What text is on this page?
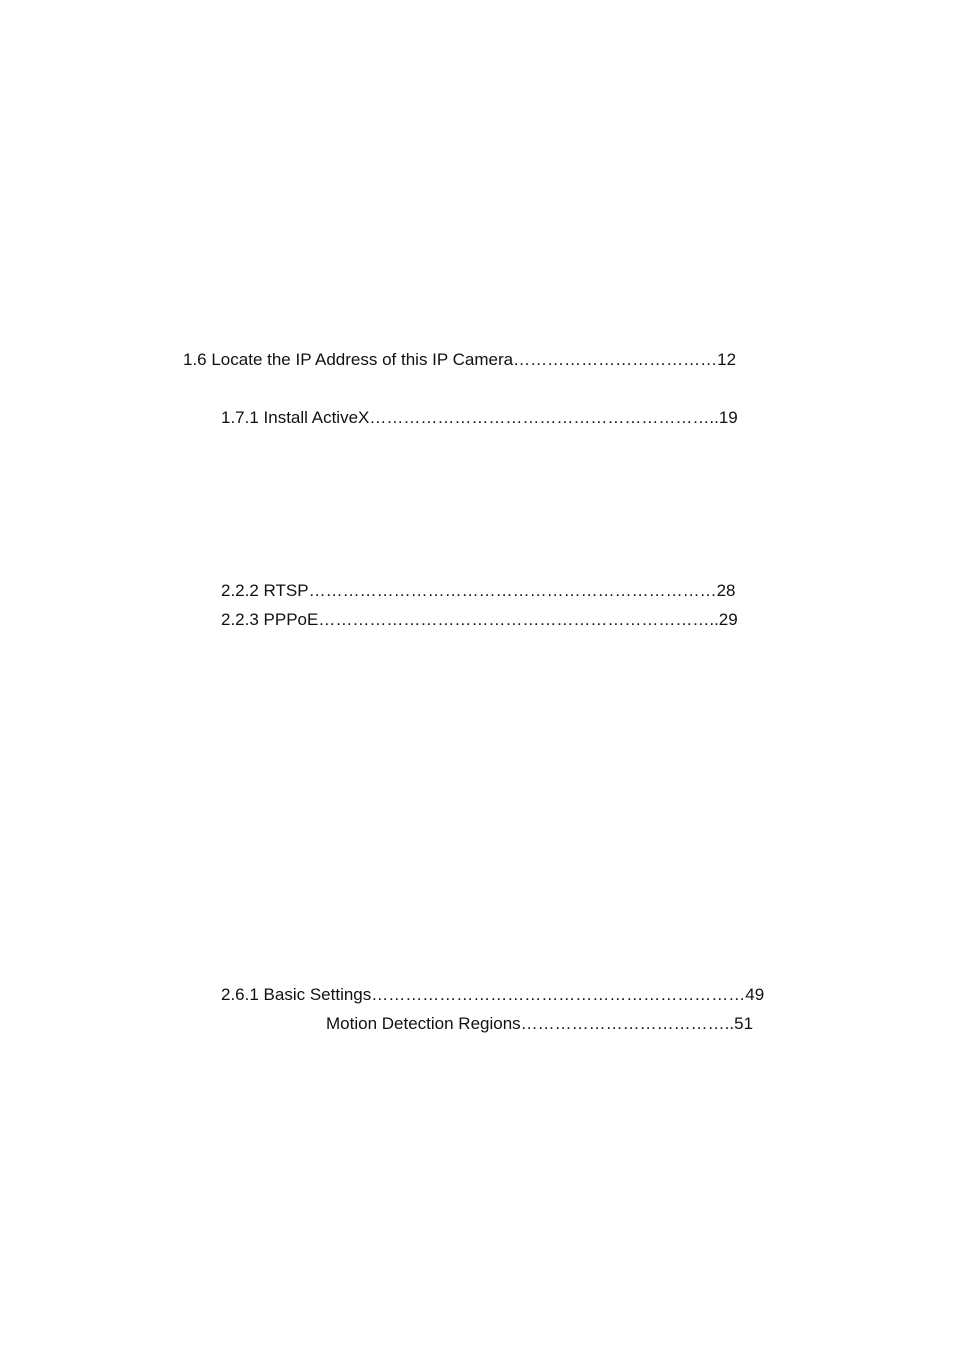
1.6 Locate the IP Address of this IP Camera………………………………12
1.7.1 Install ActiveX……………………………………………………..19
2.2.2 RTSP………………………………………………………………28
2.2.3 PPPoE……………………………………………………………..29
2.6.1 Basic Settings…………………………………………………………49
Motion Detection Regions………………………………..51
